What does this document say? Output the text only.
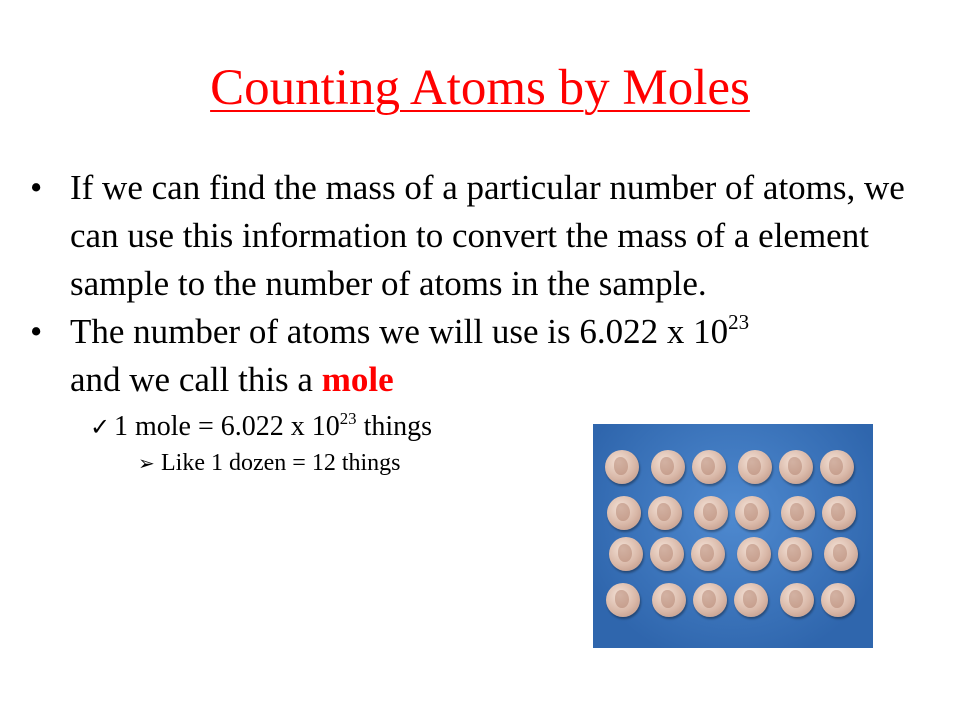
Counting Atoms by Moles
• If we can find the mass of a particular number of atoms, we can use this information to convert the mass of a element sample to the number of atoms in the sample.
• The number of atoms we will use is 6.022 x $10^{23}$
and we call this a mole
✓ 1 mole = 6.022 x $10^{23}$ things
➢ Like 1 dozen = 12 things
